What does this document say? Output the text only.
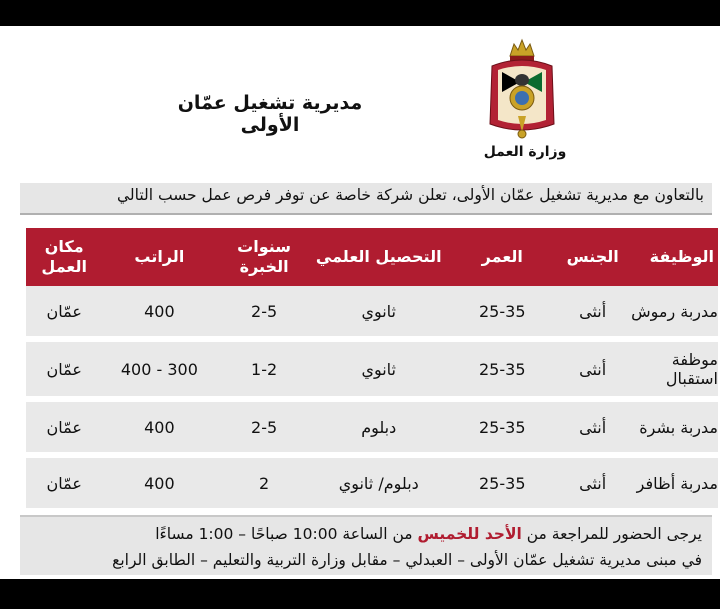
مديرية تشغيل عمّان الأولى
وزارة العمل
بالتعاون مع مديرية تشغيل عمّان الأولى، تعلن شركة خاصة عن توفر فرص عمل حسب التالي
الوظيفة	الجنس	العمر	التحصيل العلمي	سنوات الخبرة	الراتب	مكان العمل
مدربة رموش	أنثى	25-35	ثانوي	2-5	400	عمّان
موظفة استقبال	أنثى	25-35	ثانوي	1-2	300 - 400	عمّان
مدربة بشرة	أنثى	25-35	دبلوم	2-5	400	عمّان
مدربة أظافر	أنثى	25-35	دبلوم/ ثانوي	2	400	عمّان
يرجى الحضور للمراجعة من الأحد للخميس من الساعة 10:00 صباحًا – 1:00 مساءًا
في مبنى مديرية تشغيل عمّان الأولى – العبدلي – مقابل وزارة التربية والتعليم – الطابق الرابع
